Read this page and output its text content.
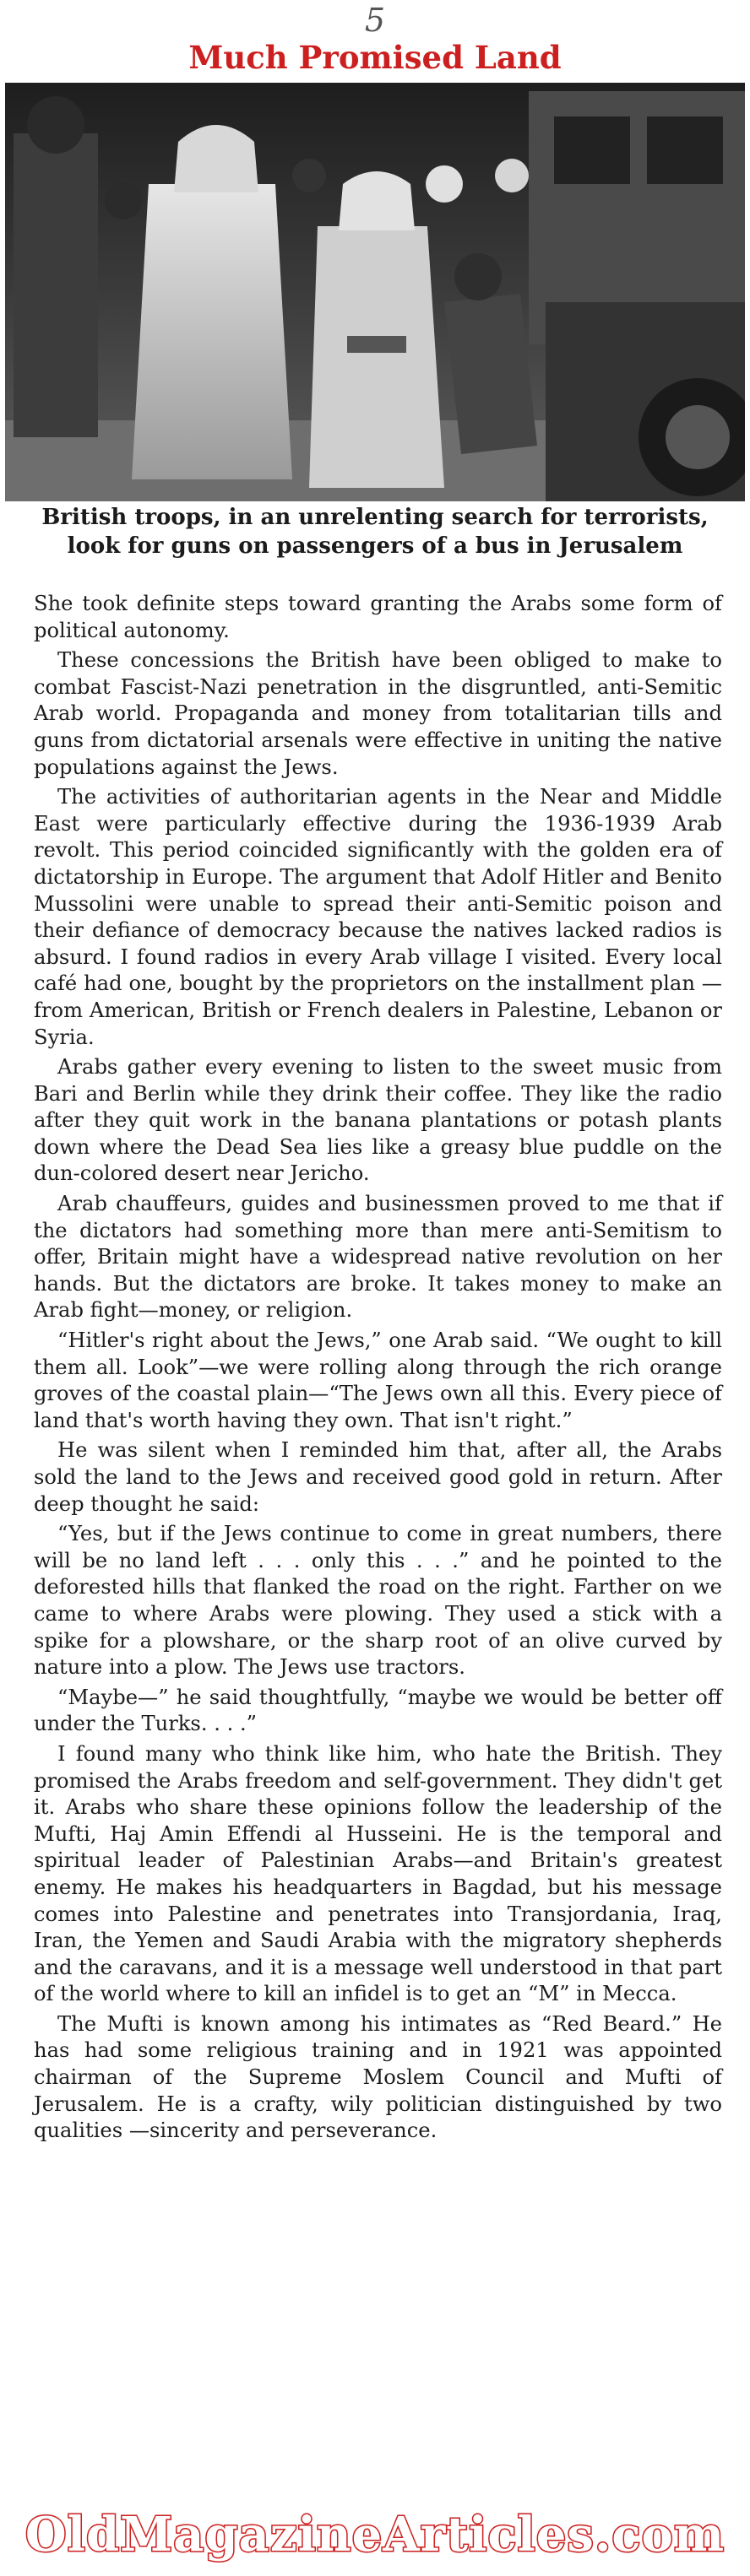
5
Much Promised Land
British troops, in an unrelenting search for terrorists,
look for guns on passengers of a bus in Jerusalem

She took definite steps toward granting the Arabs some form of political autonomy.

These concessions the British have been obliged to make to combat Fascist-Nazi penetration in the disgruntled, anti-Semitic Arab world. Propaganda and money from totalitarian tills and guns from dictatorial arsenals were effective in uniting the native populations against the Jews.

The activities of authoritarian agents in the Near and Middle East were particularly effective during the 1936-1939 Arab revolt. This period coincided significantly with the golden era of dictatorship in Europe. The argument that Adolf Hitler and Benito Mussolini were unable to spread their anti-Semitic poison and their defiance of democracy because the natives lacked radios is absurd. I found radios in every Arab village I visited. Every local café had one, bought by the proprietors on the installment plan —from American, British or French dealers in Palestine, Lebanon or Syria.

Arabs gather every evening to listen to the sweet music from Bari and Berlin while they drink their coffee. They like the radio after they quit work in the banana plantations or potash plants down where the Dead Sea lies like a greasy blue puddle on the dun-colored desert near Jericho.

Arab chauffeurs, guides and businessmen proved to me that if the dictators had something more than mere anti-Semitism to offer, Britain might have a widespread native revolution on her hands. But the dictators are broke. It takes money to make an Arab fight—money, or religion.

“Hitler's right about the Jews,” one Arab said. “We ought to kill them all. Look”—we were rolling along through the rich orange groves of the coastal plain—“The Jews own all this. Every piece of land that's worth having they own. That isn't right.”

He was silent when I reminded him that, after all, the Arabs sold the land to the Jews and received good gold in return. After deep thought he said:

“Yes, but if the Jews continue to come in great numbers, there will be no land left . . . only this . . .” and he pointed to the deforested hills that flanked the road on the right. Farther on we came to where Arabs were plowing. They used a stick with a spike for a plowshare, or the sharp root of an olive curved by nature into a plow. The Jews use tractors.

“Maybe—” he said thoughtfully, “maybe we would be better off under the Turks. . . .”

I found many who think like him, who hate the British. They promised the Arabs freedom and self-government. They didn't get it. Arabs who share these opinions follow the leadership of the Mufti, Haj Amin Effendi al Husseini. He is the temporal and spiritual leader of Palestinian Arabs—and Britain's greatest enemy. He makes his headquarters in Bagdad, but his message comes into Palestine and penetrates into Transjordania, Iraq, Iran, the Yemen and Saudi Arabia with the migratory shepherds and the caravans, and it is a message well understood in that part of the world where to kill an infidel is to get an “M” in Mecca.

The Mufti is known among his intimates as “Red Beard.” He has had some religious training and in 1921 was appointed chairman of the Supreme Moslem Council and Mufti of Jerusalem. He is a crafty, wily politician distinguished by two qualities —sincerity and perseverance.

OldMagazineArticles.com
